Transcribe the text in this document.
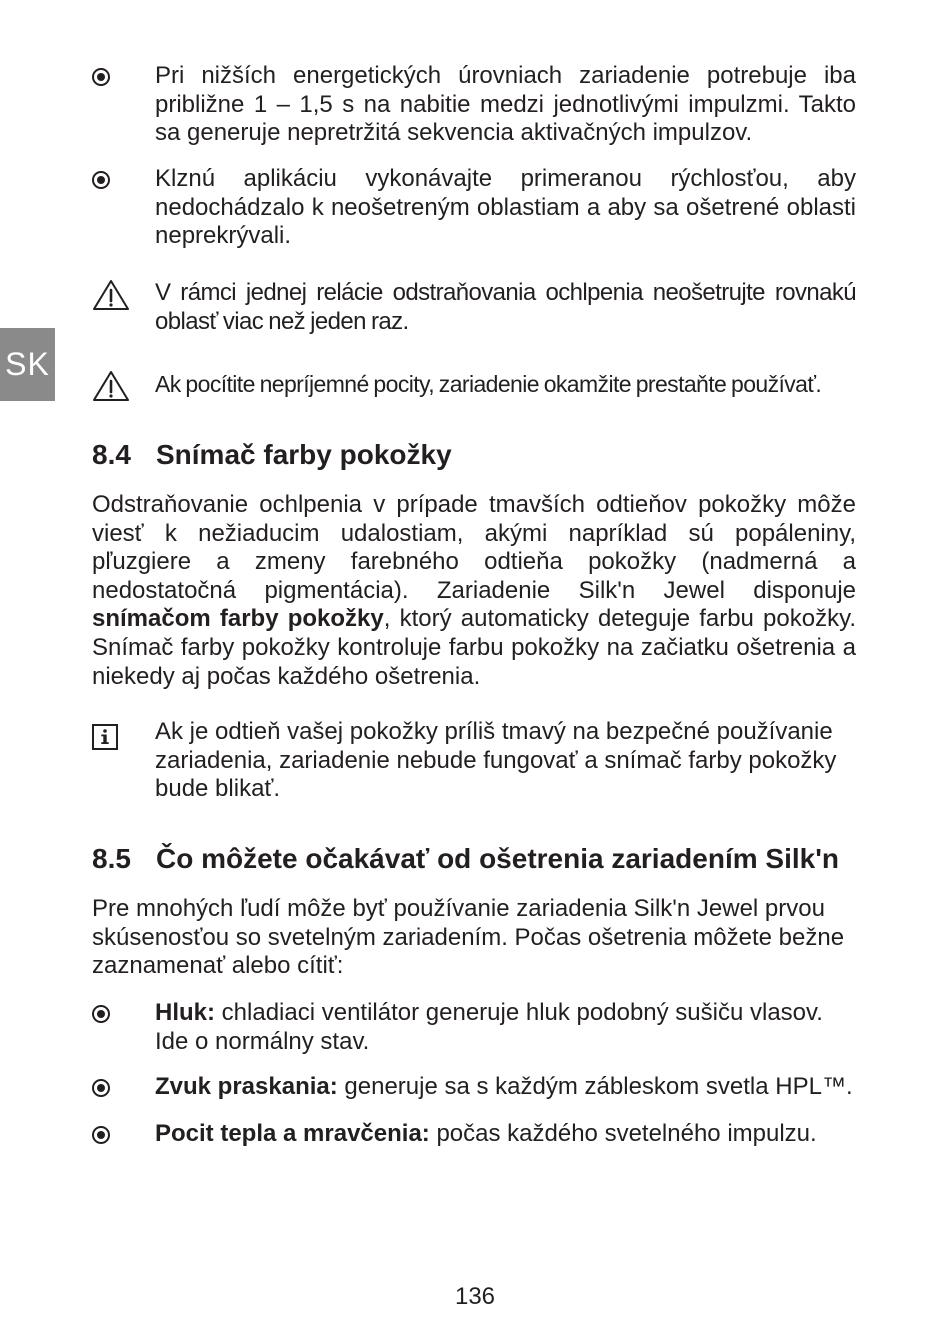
SK

Pri nižších energetických úrovniach zariadenie potrebuje iba približne 1 – 1,5 s na nabitie medzi jednotlivými impulzmi. Takto sa generuje nepretržitá sekvencia aktivačných impulzov.

Klznú aplikáciu vykonávajte primeranou rýchlosťou, aby nedochádzalo k neošetreným oblastiam a aby sa ošetrené oblasti neprekrývali.

V rámci jednej relácie odstraňovania ochlpenia neošetrujte rovnakú oblasť viac než jeden raz.

Ak pocítite nepríjemné pocity, zariadenie okamžite prestaňte používať.

8.4 Snímač farby pokožky

Odstraňovanie ochlpenia v prípade tmavších odtieňov pokožky môže viesť k nežiaducim udalostiam, akými napríklad sú popáleniny, pľuzgiere a zmeny farebného odtieňa pokožky (nadmerná a nedostatočná pigmentácia). Zariadenie Silk'n Jewel disponuje snímačom farby pokožky, ktorý automaticky deteguje farbu pokožky. Snímač farby pokožky kontroluje farbu pokožky na začiatku ošetrenia a niekedy aj počas každého ošetrenia.

Ak je odtieň vašej pokožky príliš tmavý na bezpečné používanie zariadenia, zariadenie nebude fungovať a snímač farby pokožky bude blikať.

8.5 Čo môžete očakávať od ošetrenia zariadením Silk'n

Pre mnohých ľudí môže byť používanie zariadenia Silk'n Jewel prvou skúsenosťou so svetelným zariadením. Počas ošetrenia môžete bežne zaznamenať alebo cítiť:

Hluk: chladiaci ventilátor generuje hluk podobný sušiču vlasov. Ide o normálny stav.

Zvuk praskania: generuje sa s každým zábleskom svetla HPL™.

Pocit tepla a mravčenia: počas každého svetelného impulzu.

136
